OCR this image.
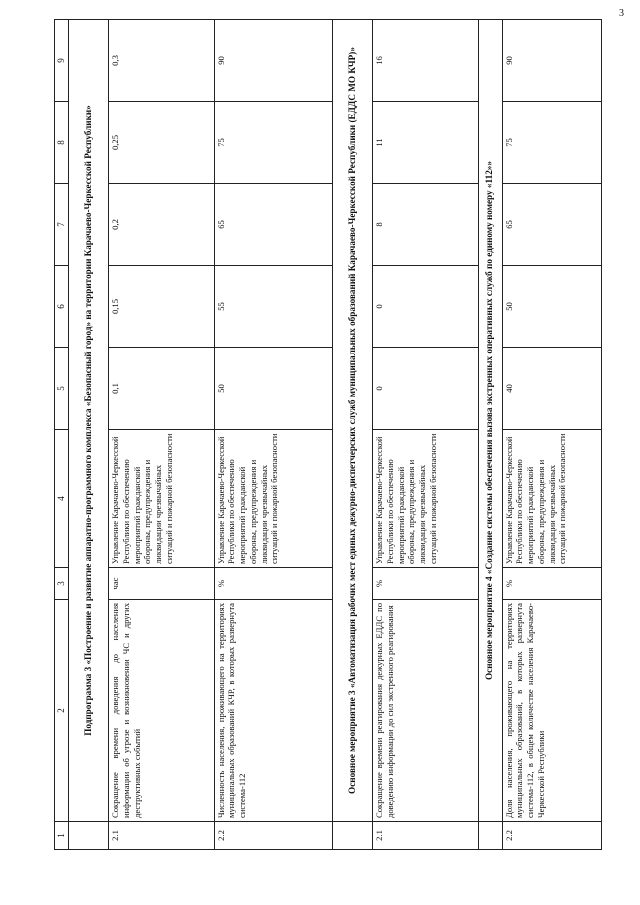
3
1	2	3	4	5	6	7	8	9
	Подпрограмма 3 «Построение и развитие аппаратно-программного комплекса «Безопасный город» на территории Карачаево-Черкесской Республики»							
2.1	Сокращение времени доведения до населения информации об угрозе и возникновении ЧС и других деструктивных событий	час	Управление Карачаево-Черкесской Республики по обеспечению мероприятий гражданской обороны, предупреждения и ликвидации чрезвычайных ситуаций и пожарной безопасности	0,1	0,15	0,2	0,25	0,3
2.2	Численность населения, проживающего на территориях муниципальных образований КЧР, в которых развернута система-112	%	Управление Карачаево-Черкесской Республики по обеспечению мероприятий гражданской обороны, предупреждения и ликвидации чрезвычайных ситуаций и пожарной безопасности	50	55	65	75	90
	Основное мероприятие 3 «Автоматизация рабочих мест единых дежурно-диспетчерских служб муниципальных образований Карачаево-Черкесской Республики (ЕДДС МО КЧР)»							
2.1	Сокращение времени реагирования дежурных ЕДДС по доведению информации до сил экстренного реагирования	%	Управление Карачаево-Черкесской Республики по обеспечению мероприятий гражданской обороны, предупреждения и ликвидации чрезвычайных ситуаций и пожарной безопасности	0	0	8	11	16
	Основное мероприятие 4 «Создание системы обеспечения вызова экстренных оперативных служб по единому номеру «112»»							
2.2	Доля населения, проживающего на территориях муниципальных образований, в которых развернута система-112, в общем количестве населения Карачаево-Черкесской Республики	%	Управление Карачаево-Черкесской Республики по обеспечению мероприятий гражданской обороны, предупреждения и ликвидации чрезвычайных ситуаций и пожарной безопасности	40	50	65	75	90
